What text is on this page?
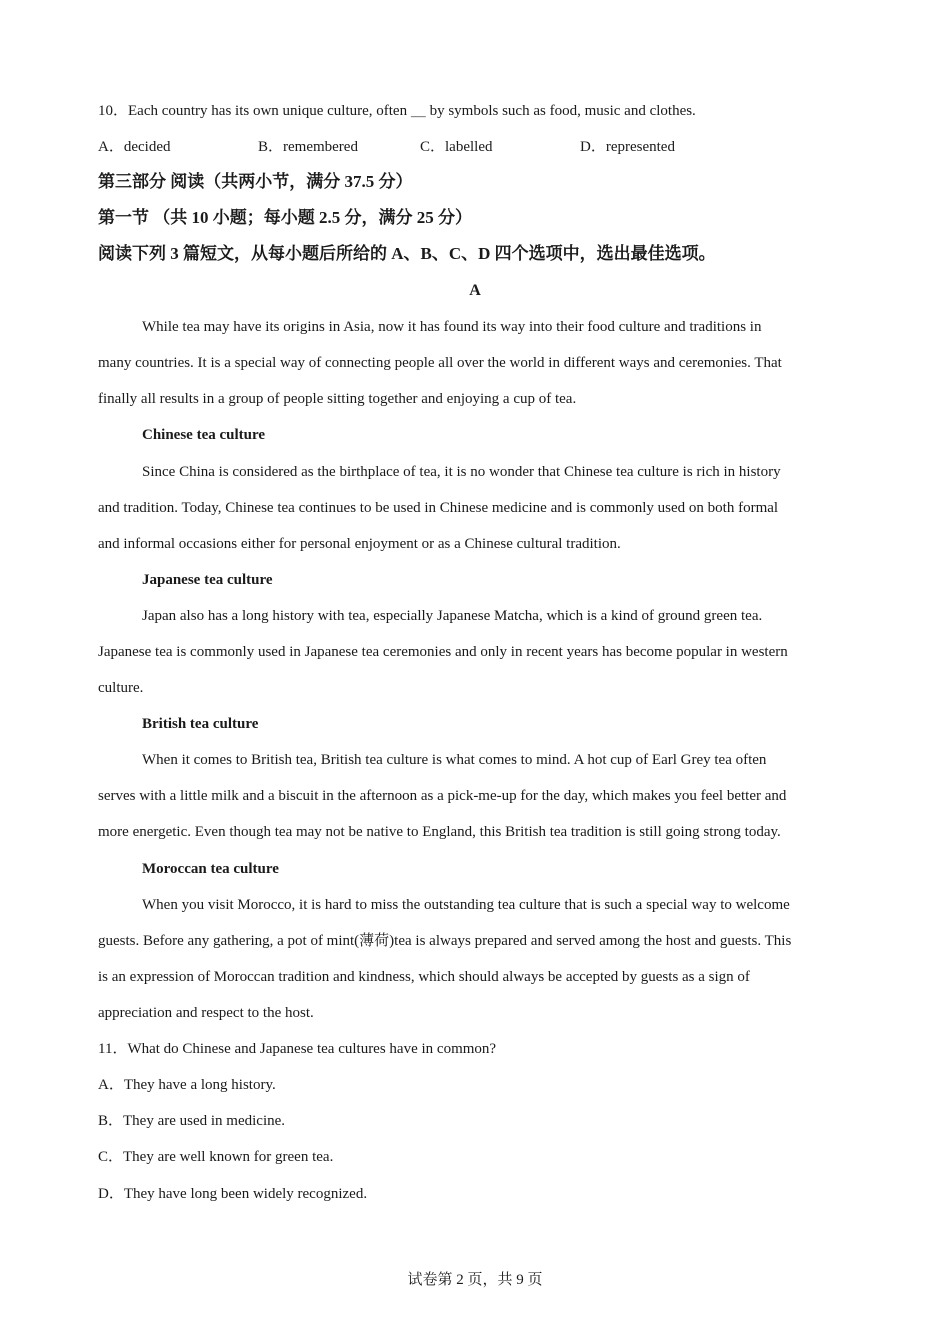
10．Each country has its own unique culture, often ＿ by symbols such as food, music and clothes.
A．decided	B．remembered	C．labelled	D．represented
第三部分 阅读（共两小节，满分 37.5 分）
第一节 （共 10 小题；每小题 2.5 分，满分 25 分）
阅读下列 3 篇短文，从每小题后所给的 A、B、C、D 四个选项中，选出最佳选项。
A
While tea may have its origins in Asia, now it has found its way into their food culture and traditions in
many countries. It is a special way of connecting people all over the world in different ways and ceremonies. That
finally all results in a group of people sitting together and enjoying a cup of tea.
Chinese tea culture
Since China is considered as the birthplace of tea, it is no wonder that Chinese tea culture is rich in history
and tradition. Today, Chinese tea continues to be used in Chinese medicine and is commonly used on both formal
and informal occasions either for personal enjoyment or as a Chinese cultural tradition.
Japanese tea culture
Japan also has a long history with tea, especially Japanese Matcha, which is a kind of ground green tea.
Japanese tea is commonly used in Japanese tea ceremonies and only in recent years has become popular in western
culture.
British tea culture
When it comes to British tea, British tea culture is what comes to mind. A hot cup of Earl Grey tea often
serves with a little milk and a biscuit in the afternoon as a pick-me-up for the day, which makes you feel better and
more energetic. Even though tea may not be native to England, this British tea tradition is still going strong today.
Moroccan tea culture
When you visit Morocco, it is hard to miss the outstanding tea culture that is such a special way to welcome
guests. Before any gathering, a pot of mint(薄荷)tea is always prepared and served among the host and guests. This
is an expression of Moroccan tradition and kindness, which should always be accepted by guests as a sign of
appreciation and respect to the host.
11．What do Chinese and Japanese tea cultures have in common?
A．They have a long history.
B．They are used in medicine.
C．They are well known for green tea.
D．They have long been widely recognized.
试卷第 2 页，共 9 页
